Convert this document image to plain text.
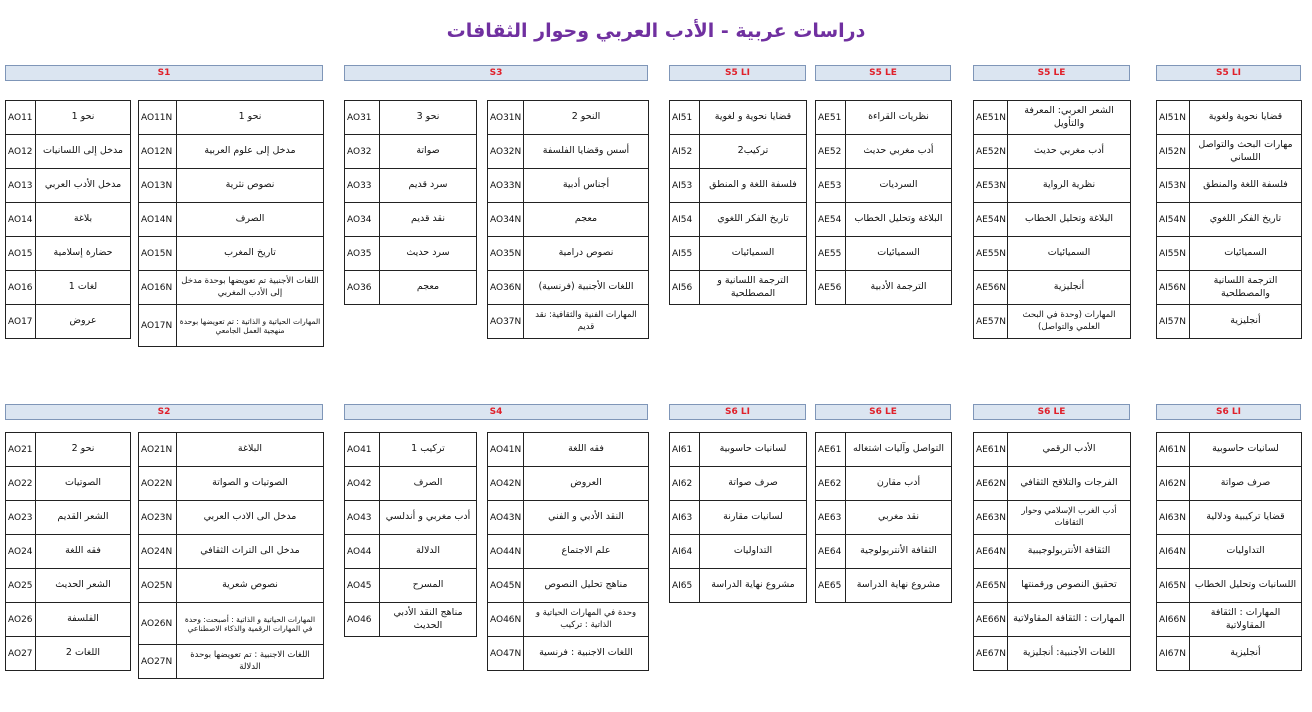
دراسات عربية - الأدب العربي وحوار الثقافات
S1	S3	S5 LI	S5 LE	S5 LE	S5 LI
S2	S4	S6 LI	S6 LE	S6 LE	S6 LI
AO11	نحو 1
AO12	مدخل إلى اللسانيات
AO13	مدخل الأدب العربي
AO14	بلاغة
AO15	حضارة إسلامية
AO16	لغات 1
AO17	عروض
AO11N	نحو 1
AO12N	مدخل إلى علوم العربية
AO13N	نصوص نثرية
AO14N	الصرف
AO15N	تاريخ المغرب
AO16N	اللغات الأجنبية تم تعويضها بوحدة مدخل إلى الأدب المغربي
AO17N	المهارات الحياتية و الذاتية : تم تعويضها بوحدة منهجية العمل الجامعي
AO31	نحو 3
AO32	صواتة
AO33	سرد قديم
AO34	نقد قديم
AO35	سرد حديث
AO36	معجم
AO31N	النحو 2
AO32N	أسس وقضايا الفلسفة
AO33N	أجناس أدبية
AO34N	معجم
AO35N	نصوص درامية
AO36N	اللغات الأجنبية (فرنسية)
AO37N	المهارات الفنية والثقافية: نقد قديم
AI51	قضايا نحوية و لغوية
AI52	تركيب2
AI53	فلسفة اللغة و المنطق
AI54	تاريخ الفكر اللغوي
AI55	السميائيات
AI56	الترجمة اللسانية و المصطلحية
AE51	نظريات القراءة
AE52	أدب مغربي حديث
AE53	السرديات
AE54	البلاغة وتحليل الخطاب
AE55	السميائيات
AE56	الترجمة الأدبية
AE51N	الشعر العربي: المعرفة والتأويل
AE52N	أدب مغربي حديث
AE53N	نظرية الرواية
AE54N	البلاغة وتحليل الخطاب
AE55N	السميائيات
AE56N	أنجليزية
AE57N	المهارات (وحدة في البحث العلمي والتواصل)
AI51N	قضايا نحوية ولغوية
AI52N	مهارات البحث والتواصل اللساني
AI53N	فلسفة اللغة والمنطق
AI54N	تاريخ الفكر اللغوي
AI55N	السميائيات
AI56N	الترجمة اللسانية والمصطلحية
AI57N	أنجليزية
AO21	نحو 2
AO22	الصوتيات
AO23	الشعر القديم
AO24	فقه اللغة
AO25	الشعر الحديث
AO26	الفلسفة
AO27	اللغات 2
AO21N	البلاغة
AO22N	الصوتيات و الصواتة
AO23N	مدخل الى الادب العربي
AO24N	مدخل الى التراث الثقافي
AO25N	نصوص شعرية
AO26N	المهارات الحياتية و الذاتية : أصبحت: وحدة في المهارات الرقمية والذكاء الاصطناعي
AO27N	اللغات الاجنبية : تم تعويضها بوحدة الدلالة
AO41	تركيب 1
AO42	الصرف
AO43	أدب مغربي و أندلسي
AO44	الدلالة
AO45	المسرح
AO46	مناهج النقد الأدبي الحديث
AO41N	فقه اللغة
AO42N	العروض
AO43N	النقد الأدبي و الفني
AO44N	علم الاجتماع
AO45N	مناهج تحليل النصوص
AO46N	وحدة في المهارات الحياتية و الذاتية : تركيب
AO47N	اللغات الاجنبية : فرنسية
AI61	لسانيات حاسوبية
AI62	صرف صواتة
AI63	لسانيات مقارنة
AI64	التداوليات
AI65	مشروع نهاية الدراسة
AE61	التواصل وآليات اشتغاله
AE62	أدب مقارن
AE63	نقد مغربي
AE64	الثقافة الأنتربولوجية
AE65	مشروع نهاية الدراسة
AE61N	الأدب الرقمي
AE62N	الفرجات والتلاقح الثقافي
AE63N	أدب الغرب الإسلامي وحوار الثقافات
AE64N	الثقافة الأنتربولوجيبية
AE65N	تحقيق النصوص ورقمنتها
AE66N	المهارات : الثقافة المقاولاتية
AE67N	اللغات الأجنبية: أنجليزية
AI61N	لسانيات حاسوبية
AI62N	صرف صواتة
AI63N	قضايا تركيبية ودلالية
AI64N	التداوليات
AI65N	اللسانيات وتحليل الخطاب
AI66N	المهارات : الثقافة المقاولاتية
AI67N	أنجليزية
